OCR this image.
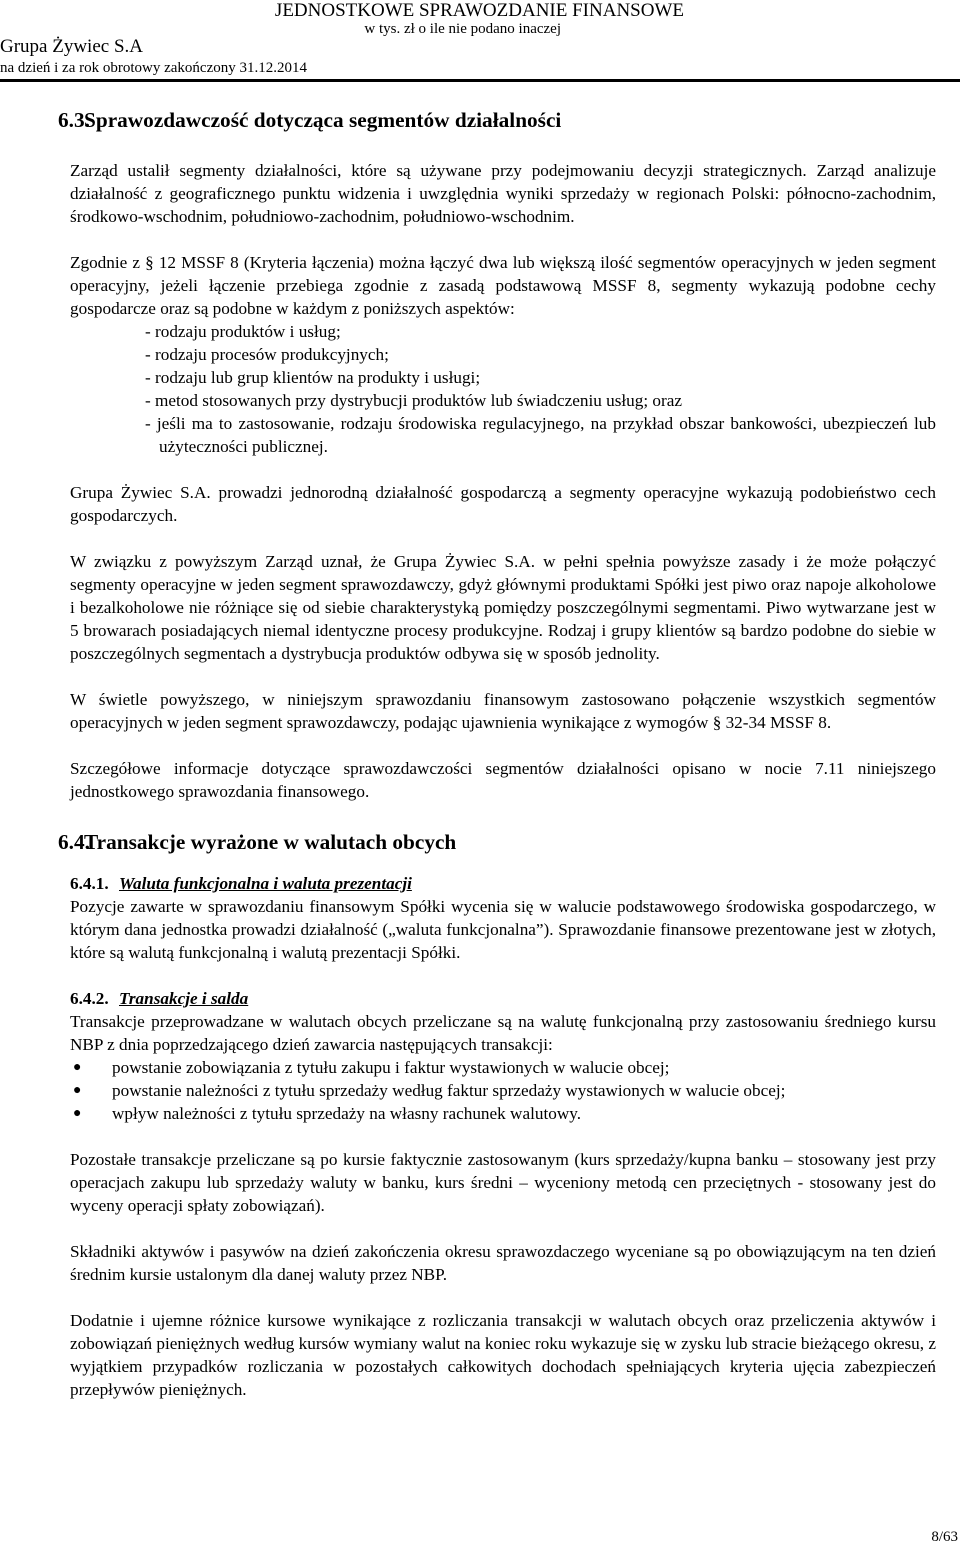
JEDNOSTKOWE SPRAWOZDANIE FINANSOWE
w tys. zł o ile nie podano inaczej
Grupa Żywiec S.A
na dzień i za rok obrotowy zakończony 31.12.2014
6.3.
Sprawozdawczość dotycząca segmentów działalności

Zarząd ustalił segmenty działalności, które są używane przy podejmowaniu decyzji strategicznych. Zarząd analizuje działalność z geograficznego punktu widzenia i uwzględnia wyniki sprzedaży w regionach Polski: północno-zachodnim, środkowo-wschodnim, południowo-zachodnim, południowo-wschodnim.

Zgodnie z § 12 MSSF 8 (Kryteria łączenia) można łączyć dwa lub większą ilość segmentów operacyjnych w jeden segment operacyjny, jeżeli łączenie przebiega zgodnie z zasadą podstawową MSSF 8, segmenty wykazują podobne cechy gospodarcze oraz są podobne w każdym z poniższych aspektów:

- rodzaju produktów i usług;
- rodzaju procesów produkcyjnych;
- rodzaju lub grup klientów na produkty i usługi;
- metod stosowanych przy dystrybucji produktów lub świadczeniu usług; oraz
- jeśli ma to zastosowanie, rodzaju środowiska regulacyjnego, na przykład obszar bankowości, ubezpieczeń lub użyteczności publicznej.

Grupa Żywiec S.A. prowadzi jednorodną działalność gospodarczą a segmenty operacyjne wykazują podobieństwo cech gospodarczych.

W związku z powyższym Zarząd uznał, że Grupa Żywiec S.A. w pełni spełnia powyższe zasady i że może połączyć segmenty operacyjne w jeden segment sprawozdawczy, gdyż głównymi produktami Spółki jest piwo oraz napoje alkoholowe i bezalkoholowe nie różniące się od siebie charakterystyką pomiędzy poszczególnymi segmentami. Piwo wytwarzane jest w 5 browarach posiadających niemal identyczne procesy produkcyjne. Rodzaj i grupy klientów są bardzo podobne do siebie w poszczególnych segmentach a dystrybucja produktów odbywa się w sposób jednolity.

W świetle powyższego, w niniejszym sprawozdaniu finansowym zastosowano połączenie wszystkich segmentów operacyjnych w jeden segment sprawozdawczy, podając ujawnienia wynikające z wymogów § 32-34 MSSF 8.

Szczegółowe informacje dotyczące sprawozdawczości segmentów działalności opisano w nocie 7.11 niniejszego jednostkowego sprawozdania finansowego.

6.4.
Transakcje wyrażone w walutach obcych
6.4.1. Waluta funkcjonalna i waluta prezentacji

Pozycje zawarte w sprawozdaniu finansowym Spółki wycenia się w walucie podstawowego środowiska gospodarczego, w którym dana jednostka prowadzi działalność („waluta funkcjonalna”). Sprawozdanie finansowe prezentowane jest w złotych, które są walutą funkcjonalną i walutą prezentacji Spółki.

6.4.2. Transakcje i salda

Transakcje przeprowadzane w walutach obcych przeliczane są na walutę funkcjonalną przy zastosowaniu średniego kursu NBP z dnia poprzedzającego dzień zawarcia następujących transakcji:

●	powstanie zobowiązania z tytułu zakupu i faktur wystawionych w walucie obcej;
●	powstanie należności z tytułu sprzedaży według faktur sprzedaży wystawionych w walucie obcej;
●	wpływ należności z tytułu sprzedaży na własny rachunek walutowy.

Pozostałe transakcje przeliczane są po kursie faktycznie zastosowanym (kurs sprzedaży/kupna banku – stosowany jest przy operacjach zakupu lub sprzedaży waluty w banku, kurs średni – wyceniony metodą cen przeciętnych - stosowany jest do wyceny operacji spłaty zobowiązań).

Składniki aktywów i pasywów na dzień zakończenia okresu sprawozdaczego wyceniane są po obowiązującym na ten dzień średnim kursie ustalonym dla danej waluty przez NBP.

Dodatnie i ujemne różnice kursowe wynikające z rozliczania transakcji w walutach obcych oraz przeliczenia aktywów i zobowiązań pieniężnych według kursów wymiany walut na koniec roku wykazuje się w zysku lub stracie bieżącego okresu, z wyjątkiem przypadków rozliczania w pozostałych całkowitych dochodach spełniających kryteria ujęcia zabezpieczeń przepływów pieniężnych.

8/63
